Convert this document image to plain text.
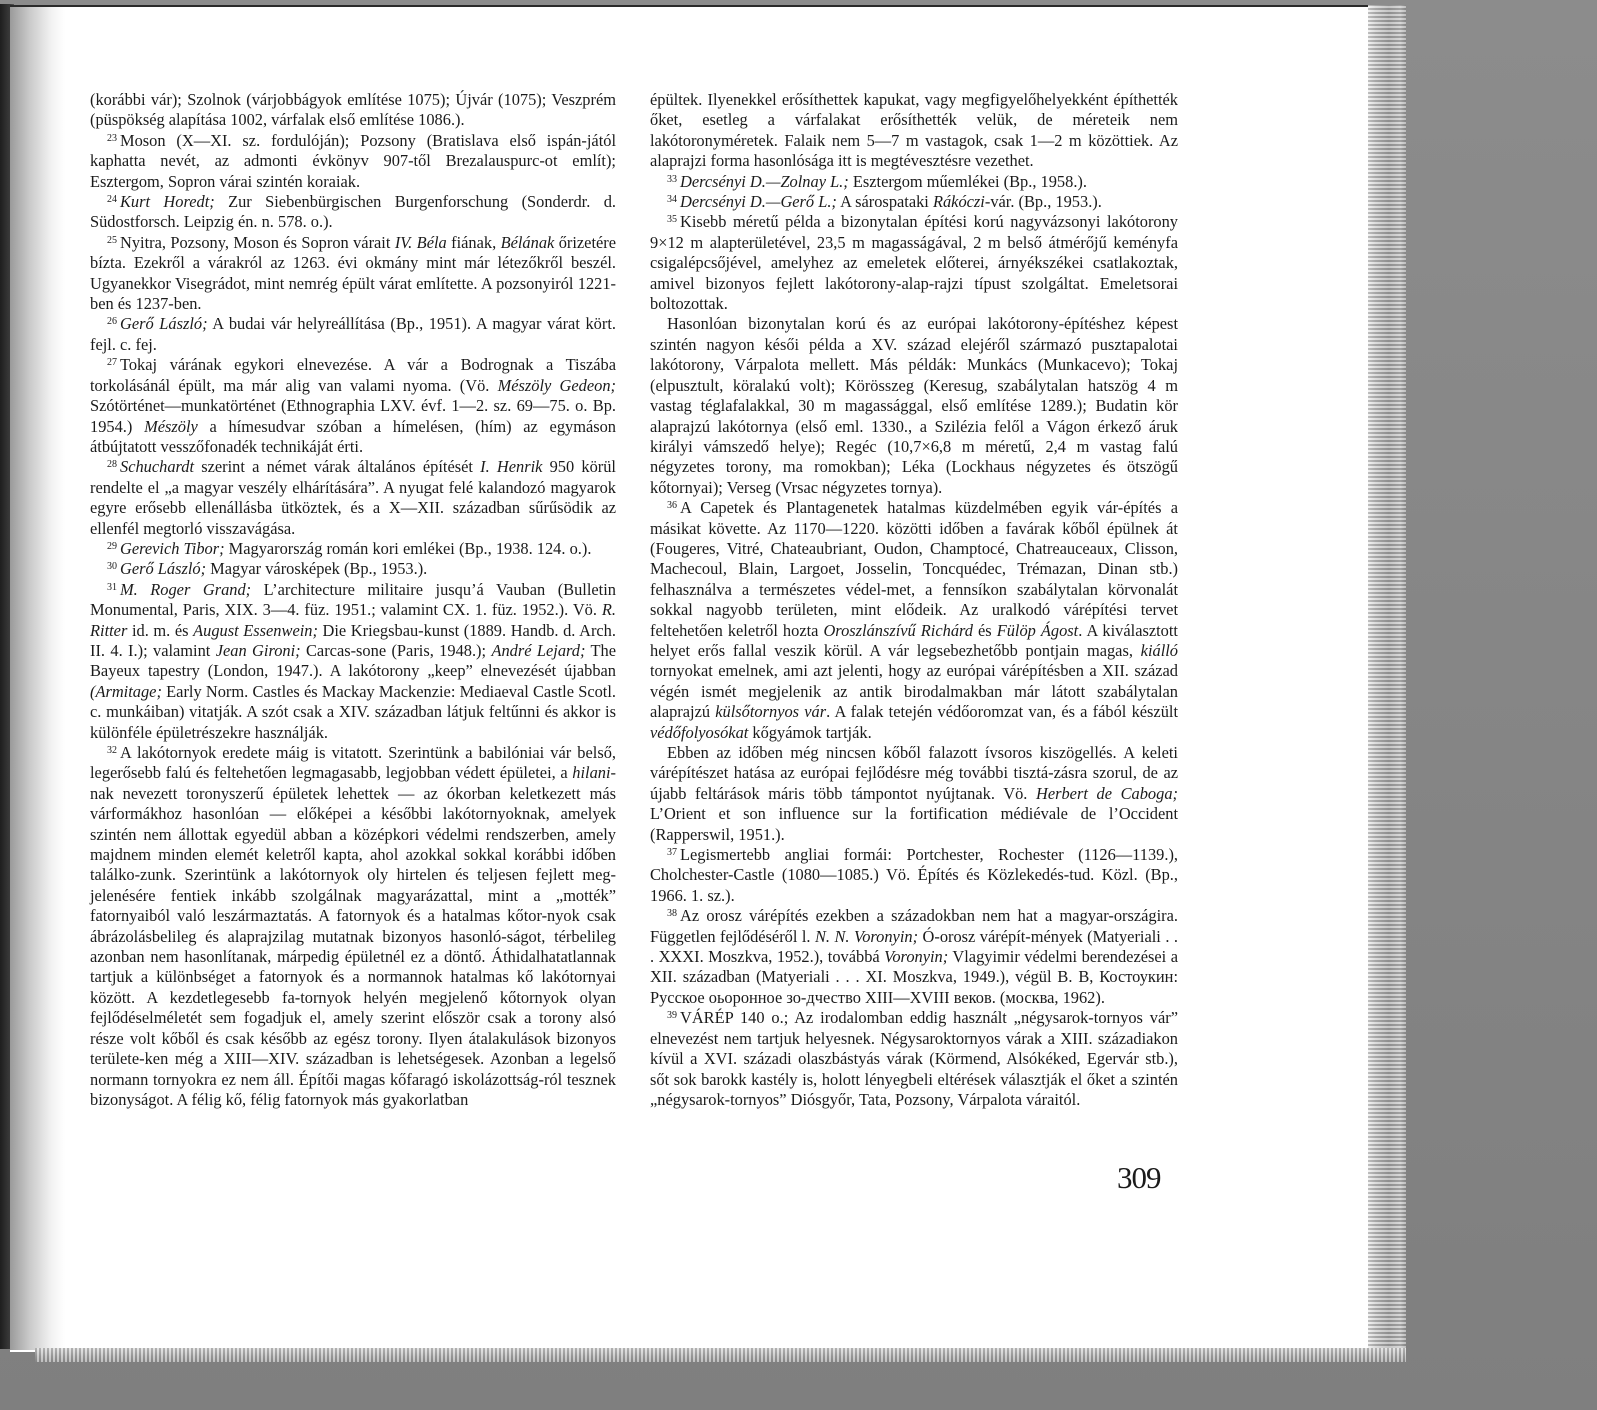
(korábbi vár); Szolnok (várjobbágyok említése 1075); Újvár (1075); Veszprém (püspökség alapítása 1002, várfalak első említése 1086.).

$^{23}$ Moson (X—XI. sz. fordulóján); Pozsony (Bratislava első ispán-jától kaphatta nevét, az admonti évkönyv 907-től Brezalauspurc-ot említ); Esztergom, Sopron várai szintén koraiak.

$^{24}$ Kurt Horedt; Zur Siebenbürgischen Burgenforschung (Sonderdr. d. Südostforsch. Leipzig én. n. 578. o.).

$^{25}$ Nyitra, Pozsony, Moson és Sopron várait IV. Béla fiának, Bélának őrizetére bízta. Ezekről a várakról az 1263. évi okmány mint már létezőkről beszél. Ugyanekkor Visegrádot, mint nemrég épült várat említette. A pozsonyiról 1221-ben és 1237-ben.

$^{26}$ Gerő László; A budai vár helyreállítása (Bp., 1951). A magyar várat kört. fejl. c. fej.

$^{27}$ Tokaj várának egykori elnevezése. A vár a Bodrognak a Tiszába torkolásánál épült, ma már alig van valami nyoma. (Vö. Mészöly Gedeon; Szótörténet—munkatörténet (Ethnographia LXV. évf. 1—2. sz. 69—75. o. Bp. 1954.) Mészöly a hímesudvar szóban a hímelésen, (hím) az egymáson átbújtatott vesszőfonadék technikáját érti.

$^{28}$ Schuchardt szerint a német várak általános építését I. Henrik 950 körül rendelte el „a magyar veszély elhárítására”. A nyugat felé kalandozó magyarok egyre erősebb ellenállásba ütköztek, és a X—XII. században sűrűsödik az ellenfél megtorló visszavágása.

$^{29}$ Gerevich Tibor; Magyarország román kori emlékei (Bp., 1938. 124. o.).

$^{30}$ Gerő László; Magyar városképek (Bp., 1953.).

$^{31}$ M. Roger Grand; L’architecture militaire jusqu’á Vauban (Bulletin Monumental, Paris, XIX. 3—4. füz. 1951.; valamint CX. 1. füz. 1952.). Vö. R. Ritter id. m. és August Essenwein; Die Kriegsbau-kunst (1889. Handb. d. Arch. II. 4. I.); valamint Jean Gironi; Carcas-sone (Paris, 1948.); André Lejard; The Bayeux tapestry (London, 1947.). A lakótorony „keep” elnevezését újabban (Armitage; Early Norm. Castles és Mackay Mackenzie: Mediaeval Castle Scotl. c. munkáiban) vitatják. A szót csak a XIV. században látjuk feltűnni és akkor is különféle épületrészekre használják.

$^{32}$ A lakótornyok eredete máig is vitatott. Szerintünk a babilóniai vár belső, legerősebb falú és feltehetően legmagasabb, legjobban védett épületei, a hilani-nak nevezett toronyszerű épületek lehettek — az ókorban keletkezett más várformákhoz hasonlóan — előképei a későbbi lakótornyoknak, amelyek szintén nem állottak egyedül abban a középkori védelmi rendszerben, amely majdnem minden elemét keletről kapta, ahol azokkal sokkal korábbi időben találko-zunk. Szerintünk a lakótornyok oly hirtelen és teljesen fejlett meg-jelenésére fentiek inkább szolgálnak magyarázattal, mint a „motték” fatornyaiból való leszármaztatás. A fatornyok és a hatalmas kőtor-nyok csak ábrázolásbelileg és alaprajzilag mutatnak bizonyos hasonló-ságot, térbelileg azonban nem hasonlítanak, márpedig épületnél ez a döntő. Áthidalhatatlannak tartjuk a különbséget a fatornyok és a normannok hatalmas kő lakótornyai között. A kezdetlegesebb fa-tornyok helyén megjelenő kőtornyok olyan fejlődéselméletét sem fogadjuk el, amely szerint először csak a torony alsó része volt kőből és csak később az egész torony. Ilyen átalakulások bizonyos területe-ken még a XIII—XIV. században is lehetségesek. Azonban a legelső normann tornyokra ez nem áll. Építői magas kőfaragó iskolázottság-ról tesznek bizonyságot. A félig kő, félig fatornyok más gyakorlatban

épültek. Ilyenekkel erősíthettek kapukat, vagy megfigyelőhelyekként építhették őket, esetleg a várfalakat erősíthették velük, de méreteik nem lakótoronyméretek. Falaik nem 5—7 m vastagok, csak 1—2 m közöttiek. Az alaprajzi forma hasonlósága itt is megtévesztésre vezethet.

$^{33}$ Dercsényi D.—Zolnay L.; Esztergom műemlékei (Bp., 1958.).

$^{34}$ Dercsényi D.—Gerő L.; A sárospataki Rákóczi-vár. (Bp., 1953.).

$^{35}$ Kisebb méretű példa a bizonytalan építési korú nagyvázsonyi lakótorony 9×12 m alapterületével, 23,5 m magasságával, 2 m belső átmérőjű keményfa csigalépcsőjével, amelyhez az emeletek előterei, árnyékszékei csatlakoztak, amivel bizonyos fejlett lakótorony-alap-rajzi típust szolgáltat. Emeletsorai boltozottak.

Hasonlóan bizonytalan korú és az európai lakótorony-építéshez képest szintén nagyon késői példa a XV. század elejéről származó pusztapalotai lakótorony, Várpalota mellett. Más példák: Munkács (Munkacevo); Tokaj (elpusztult, köralakú volt); Körösszeg (Keresug, szabálytalan hatszög 4 m vastag téglafalakkal, 30 m magassággal, első említése 1289.); Budatin kör alaprajzú lakótornya (első eml. 1330., a Szilézia felől a Vágon érkező áruk királyi vámszedő helye); Regéc (10,7×6,8 m méretű, 2,4 m vastag falú négyzetes torony, ma romokban); Léka (Lockhaus négyzetes és ötszögű kőtornyai); Verseg (Vrsac négyzetes tornya).

$^{36}$ A Capetek és Plantagenetek hatalmas küzdelmében egyik vár-építés a másikat követte. Az 1170—1220. közötti időben a favárak kőből épülnek át (Fougeres, Vitré, Chateaubriant, Oudon, Champtocé, Chatreauceaux, Clisson, Machecoul, Blain, Largoet, Josselin, Toncquédec, Trémazan, Dinan stb.) felhasználva a természetes védel-met, a fennsíkon szabálytalan körvonalát sokkal nagyobb területen, mint elődeik. Az uralkodó várépítési tervet feltehetően keletről hozta Oroszlánszívű Richárd és Fülöp Ágost. A kiválasztott helyet erős fallal veszik körül. A vár legsebezhetőbb pontjain magas, kiálló tornyokat emelnek, ami azt jelenti, hogy az európai várépítésben a XII. század végén ismét megjelenik az antik birodalmakban már látott szabálytalan alaprajzú külsőtornyos vár. A falak tetején védőoromzat van, és a fából készült védőfolyosókat kőgyámok tartják.

Ebben az időben még nincsen kőből falazott ívsoros kiszögellés. A keleti várépítészet hatása az európai fejlődésre még további tisztá-zásra szorul, de az újabb feltárások máris több támpontot nyújtanak. Vö. Herbert de Caboga; L’Orient et son influence sur la fortification médiévale de l’Occident (Rapperswil, 1951.).

$^{37}$ Legismertebb angliai formái: Portchester, Rochester (1126—1139.), Cholchester-Castle (1080—1085.) Vö. Építés és Közlekedés-tud. Közl. (Bp., 1966. 1. sz.).

$^{38}$ Az orosz várépítés ezekben a századokban nem hat a magyar-országira. Független fejlődéséről l. N. N. Voronyin; Ó-orosz várépít-mények (Matyeriali . . . XXXI. Moszkva, 1952.), továbbá Voronyin; Vlagyimir védelmi berendezései a XII. században (Matyeriali . . . XI. Moszkva, 1949.), végül В. В, Костоукин: Русское оьоронное зо-дчество XIII—XVIII веков. (москва, 1962).

$^{39}$ VÁRÉP 140 o.; Az irodalomban eddig használt „négysarok-tornyos vár” elnevezést nem tartjuk helyesnek. Négysaroktornyos várak a XIII. századiakon kívül a XVI. századi olaszbástyás várak (Körmend, Alsókéked, Egervár stb.), sőt sok barokk kastély is, holott lényegbeli eltérések választják el őket a szintén „négysarok-tornyos” Diósgyőr, Tata, Pozsony, Várpalota váraitól.

309
